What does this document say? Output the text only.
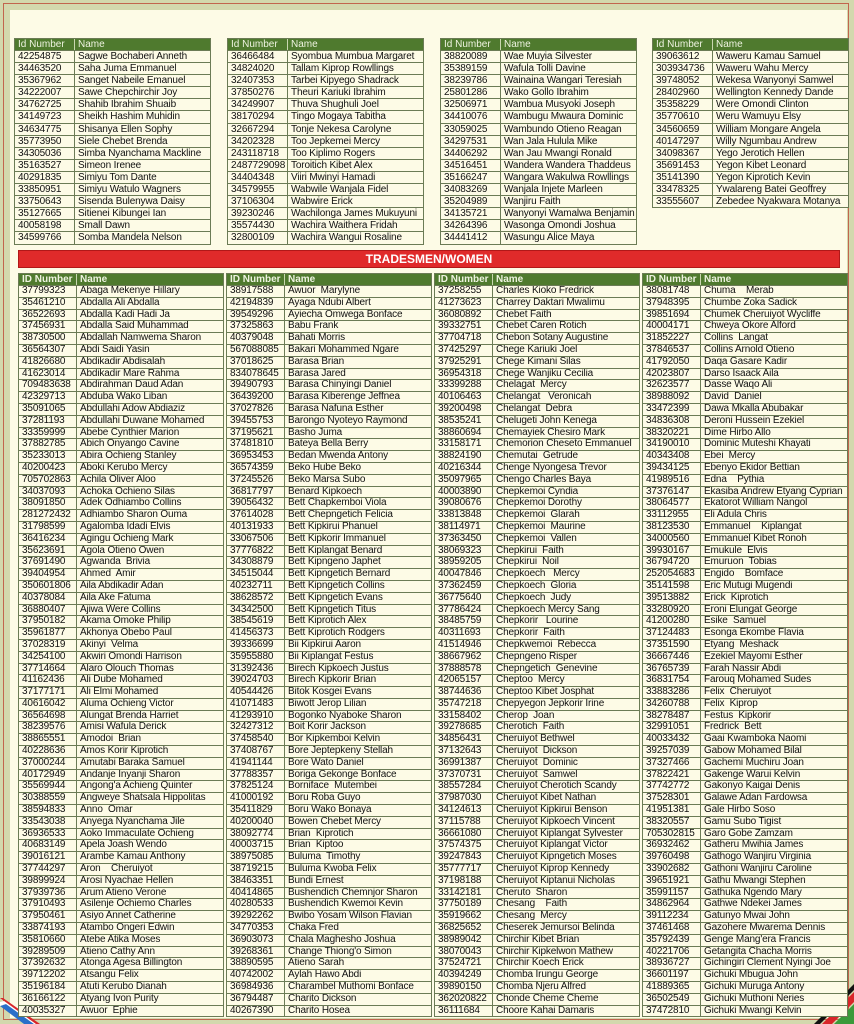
Id Number	Name
42254875	Sagwe Bochaberi Anneth
34463520	Saha Juma Emmanuel
35367962	Sanget Nabeile Emanuel
34222007	Sawe Chepchirchir Joy
34762725	Shahib Ibrahim Shuaib
34149723	Sheikh Hashim Muhidin
34634775	Shisanya Ellen Sophy
35773950	Siele Chebet Brenda
34305036	Simba Nyanchama Mackline
35163527	Simeon Irenee
40291835	Simiyu Tom Dante
33850951	Simiyu Watulo Wagners
33750643	Sisenda Bulenywa Daisy
35127665	Sitienei Kibungei Ian
40058198	Small Dawn
34599766	Somba Mandela Nelson
Id Number	Name
36466484	Syombua Mumbua Margaret
34824020	Tallam Kiprop Rowllings
32407353	Tarbei Kipyego Shadrack
37850276	Theuri Kariuki Ibrahim
34249907	Thuva Shughuli Joel
38170294	Tingo Mogaya Tabitha
32667294	Tonje Nekesa Carolyne
34202328	Too Jepkemei Mercy
243118718	Too Kiplimo Rogers
2487729098 Toroitich Kibet Alex
34404348	Viiri Mwinyi Hamadi
34579955	Wabwile Wanjala Fidel
37106304	Wabwire Erick
39230246	Wachilonga James Mukuyuni
35574430	Wachira Waithera Fridah
32800109	Wachira Wangui Rosaline
Id Number	Name
38820089	Wae Muyia Silvester
35389159	Wafula Tolli Davine
38239786	Wainaina Wangari Teresiah
25801286	Wako Gollo Ibrahim
32506971	Wambua Musyoki Joseph
34410076	Wambugu Mwaura Dominic
33059025	Wambundo Otieno Reagan
34297531	Wan Jala Hulula Mike
34406292	Wan Jau Mwangi Ronald
34516451	Wandera Wandera Thaddeus
35166247	Wangara Wakulwa Rowllings
34083269	Wanjala Injete Marleen
35204989	Wanjiru Faith
34135721	Wanyonyi Wamalwa Benjamin
34264396	Wasonga Omondi Joshua
34441412	Wasungu Alice Maya
Id Number	Name
39063612	Waweru Kamau Samuel
303934736	Waweru Wahu Mercy
39748052	Wekesa Wanyonyi Samwel
28402960	Wellington Kennedy Dande
35358229	Were Omondi Clinton
35770610	Weru Wamuyu Elsy
34560659	William Mongare Angela
40147297	Willy Ngumbau Andrew
34098367	Yego Jerotich Hellen
35691453	Yegon Kibet Leonard
35141390	Yegon Kiprotich Kevin
33478325	Ywalareng Batei Geoffrey
33555607	Zebedee Nyakwara Motanya
TRADESMEN/WOMEN
ID Number Name
37799323	Abaga Mekenye Hillary
35461210	Abdalla Ali Abdalla
36522693	Abdalla Kadi Hadi Ja
37456931	Abdalla Said Muhammad
38730500	Abdallah Namwema Sharon
36564307	Abdi Saidi Yasin
41826680	Abdikadir Abdisalah
41623014	Abdikadir Mare Rahma
709483638 Abdirahman Daud Adan
42329713	Abduba Wako Liban
35091065	Abdullahi Adow Abdiaziz
37281193	Abdullahi Duwane Mohamed
33359999	Abebe Cynthier Marion
37882785	Abich Onyango Cavine
35233013	Abira Ochieng Stanley
40200423	Aboki Kerubo Mercy
705702863 Achila Oliver Aloo
34037093	Achoka Ochieno Silas
38091850	Adek Odhiambo Collins
281272432 Adhiambo Sharon Ouma
31798599	Agalomba Idadi Elvis
36416234	Agingu Ochieng Mark
35623691	Agola Otieno Owen
37691490	Agwanda  Brivia
39404954	Ahmed  Amir
350601806 Aila Abdikadir Adan
40378084	Aila Ake Fatuma
36880407	Ajiwa Were Collins
37950182	Akama Omoke Philip
35961877	Akhonya Obebo Paul
37028319	Akinyi  Velma
34254100	Akwiri Omondi Harrison
37714664	Alaro Olouch Thomas
41162436	Ali Dube Mohamed
37177171	Ali Elmi Mohamed
40616042	Aluma Ochieng Victor
36564698	Alungat Brenda Harriet
38239576	Amisi Wafula Derick
38865551	Amodoi  Brian
40228636	Amos Korir Kiprotich
37000244	Amutabi Baraka Samuel
40172949	Andanje Inyanji Sharon
35569944	Angong'a Achieng Quinter
30388559	Angweye Shatsala Hippolitas
38594833	Anno  Omar
33543038	Anyega Nyanchama Jile
36936533	Aoko Immaculate Ochieng
40683149	Apela Joash Wendo
39016121	Arambe Kamau Anthony
37744297	Aron    Cheruiyot
39899924	Arosi Nyachae Hellen
37939736	Arum Atieno Verone
37910493	Asilenje Ochiemo Charles
37950461	Asiyo Annet Catherine
33874193	Atambo Ongeri Edwin
35810660	Atebe Atika Moses
39289509	Atieno Cathy Ann
37392632	Atonga Agesa Billington
39712202	Atsangu Felix
35196184	Atuti Kerubo Dianah
36166122	Atyang Ivon Purity
40035327	Awuor  Ephie
ID Number Name
38917588	Awuor  Marylyne
42194839	Ayaga Ndubi Albert
39549296	Ayiecha Omwega Bonface
37325863	Babu Frank
40379048	Bahati Morris
567088085 Bakari Mohammed Ngare
37018625	Barasa Brian
834078645 Barasa Jared
39490793	Barasa Chinyingi Daniel
36439200	Barasa Kiberenge Jeffnea
37027826	Barasa Nafuna Esther
39455753	Barongo Nyoteyo Raymond
37195621	Basho Juma
37481810	Bateya Bella Berry
36953453	Bedan Mwenda Antony
36574359	Beko Hube Beko
37245526	Beko Marsa Subo
36817797	Benard Kipkoech
39056432	Bett Chapkemboi Viola
37614028	Bett Chepngetich Felicia
40131933	Bett Kipkirui Phanuel
33067506	Bett Kipkorir Immanuel
37776822	Bett Kiplangat Benard
34308879	Bett Kipngeno Japhet
34515044	Bett Kipngetich Bernard
40232711	Bett Kipngetich Collins
38628572	Bett Kipngetich Evans
34342500	Bett Kipngetich Titus
38545619	Bett Kiprotich Alex
41456373	Bett Kiprotich Rodgers
39336699	Bii Kipkirui Aaron
35955880	Bii Kiplangat Festus
31392436	Birech Kipkoech Justus
39024703	Birech Kipkorir Brian
40544426	Bitok Kosgei Evans
41071483	Biwott Jerop Lilian
41293910	Bogonko Nyaboke Sharon
32427312	Boit Korir Jackson
37458540	Bor Kipkemboi Kelvin
37408767	Bore Jeptepkeny Stellah
41941144	Bore Wato Daniel
37788357	Boriga Gekonge Bonface
37825124	Borniface  Mutembei
41000192	Boru Roba Guyo
35411829	Boru Wako Bonaya
40200040	Bowen Chebet Mercy
38092774	Brian  Kiprotich
40003715	Brian  Kiptoo
38975085	Buluma  Timothy
38719215	Buluma Kwoba Felix
38463351	Bundi Ernest
40414865	Bushendich Chemnjor Sharon
40280533	Bushendich Kwemoi Kevin
39292262	Bwibo Yosam Wilson Flavian
34770353	Chaka Fred
36903073	Chala Maghesho Joshua
39268361	Change Thiong'o Simon
38890595	Atieno Sarah
40742002	Aylah Hawo Abdi
36984936	Charambel Muthomi Bonface
36794487	Charito Dickson
40267390	Charito Hosea
ID Number Name
37258255	Charles Kioko Fredrick
41273623	Charrey Daktari Mwalimu
36080892	Chebet Faith
39332751	Chebet Caren Rotich
37704718	Chebon Sotany Augustine
37425297	Chege Kariuki Joel
37925291	Chege Kimani Silas
36954318	Chege Wanjiku Cecilia
33399288	Chelagat  Mercy
40106463	Chelangat   Veronicah
39200498	Chelangat  Debra
38535241	Chelugeti John Kenega
38860694	Chemayiek Chesiro Mark
33158171	Chemorion Cheseto Emmanuel
38824190	Chemutai  Getrude
40216344	Chenge Nyongesa Trevor
35097965	Chengo Charles Baya
40003890	Chepkemoi Cyndia
39080676	Chepkemoi Dorothy
33813848	Chepkemoi  Glarah
38114971	Chepkemoi  Maurine
37363450	Chepkemoi  Vallen
38069323	Chepkirui  Faith
38959205	Chepkirui  Noil
40047846	Chepkoech   Mercy
37362459	Chepkoech  Gloria
36775640	Chepkoech  Judy
37786424	Chepkoech Mercy Sang
38485759	Chepkorir   Lourine
40311693	Chepkorir  Faith
41514946	Chepkwemoi  Rebecca
38667962	Chepngeno Risper
37888578	Chepngetich  Genevine
42065157	Cheptoo  Mercy
38744636	Cheptoo Kibet Josphat
35747218	Chepyegon Jepkorir Irine
33158402	Cherop  Joan
39278685	Cherotich  Faith
34856431	Cheruiyot Bethwel
37132643	Cheruiyot  Dickson
36991387	Cheruiyot  Dominic
37370731	Cheruiyot  Samwel
38557284	Cheruiyot Cherotich Scandy
37987030	Cheruiyot Kibet Nathan
34124613	Cheruiyot Kipkirui Benson
37115788	Cheruiyot Kipkoech Vincent
36661080	Cheruiyot Kiplangat Sylvester
37574375	Cheruiyot Kiplangat Victor
39247843	Cheruiyot Kipngetich Moses
35777717	Cheruiyot Kiprop Kennedy
37198188	Cheruiyot Kiptanui Nicholas
33142181	Cheruto  Sharon
37750189	Chesang    Faith
35919662	Chesang  Mercy
36825652	Cheserek Jemursoi Belinda
38989042	Chirchir Kibet Brian
38070043	Chirchir Kipkelwon Mathew
37524721	Chirchir Koech Erick
40394249	Chomba Irungu George
39890150	Chomba Njeru Alfred
362020822 Chonde Cheme Cheme
36111684	Choore Kahai Damaris
ID Number Name
38081748	Chuma    Merab
37948395	Chumbe Zoka Sadick
39851694	Chumek Cheruiyot Wycliffe
40004171	Chweya Okore Alford
31852227	Collins  Langat
37846537	Collins Arnold Otieno
41792050	Daqa Gasare Kadir
42023807	Darso Isaack Aila
32623577	Dasse Waqo Ali
38988092	David  Daniel
33472399	Dawa Mkalla Abubakar
34836308	Deroni Hussein Ezekiel
38320221	Dime Hirbo Allo
34190010	Dominic Muteshi Khayati
40343408	Ebei  Mercy
39434125	Ebenyo Ekidor Bettian
41989516	Edna    Pythia
37376147	Ekasiba Andrew Etyang Cyprian
38064577	Ekatorot William Nangol
33112955	Eli Adula Chris
38123530	Emmanuel    Kiplangat
34000560	Emmanuel Kibet Ronoh
39930167	Emukule  Elvis
36794720	Emuruon  Tobias
252054683 Engido    Bomface
35141598	Eric Mutugi Mugendi
39513882	Erick  Kiprotich
33280920	Eroni Elungat George
41200280	Esike  Samuel
37124483	Esonga Ekombe Flavia
37351590	Etyang  Meshack
36667446	Ezekiel Mayomi Esther
36765739	Farah Nassir Abdi
36831754	Farouq Mohamed Sudes
33883286	Felix  Cheruiyot
34260788	Felix  Kiprop
38278487	Festus  Kipkorir
32991051	Fredrick  Bett
40033432	Gaai Kwamboka Naomi
39257039	Gabow Mohamed Bilal
37327466	Gachemi Muchiru Joan
37822421	Gakenge Warui Kelvin
37742772	Gakonyo Kaigai Denis
37528301	Galawe Adan Fardowsa
41951381	Gale Hirbo Soso
38320557	Gamu Subo Tigist
705302815 Garo Gobe Zamzam
36932462	Gatheru Mwihia James
39760498	Gathogo Wanjiru Virginia
33902682	Gathoni Wanjiru Caroline
39651921	Gathu Mwangi Stephen
35991157	Gathuka Ngendo Mary
34862964	Gathwe Ndekei James
39112234	Gatunyo Mwai John
37461468	Gazohere Mwarema Dennis
35792439	Genge Mang'era Francis
40221706	Getangita Chacha Morris
38936727	Gichingiri Clement Nyingi Joe
36601197	Gichuki Mbugua John
41889365	Gichuki Muruga Antony
36502549	Gichuki Muthoni Neries
37472810	Gichuki Mwangi Kelvin
